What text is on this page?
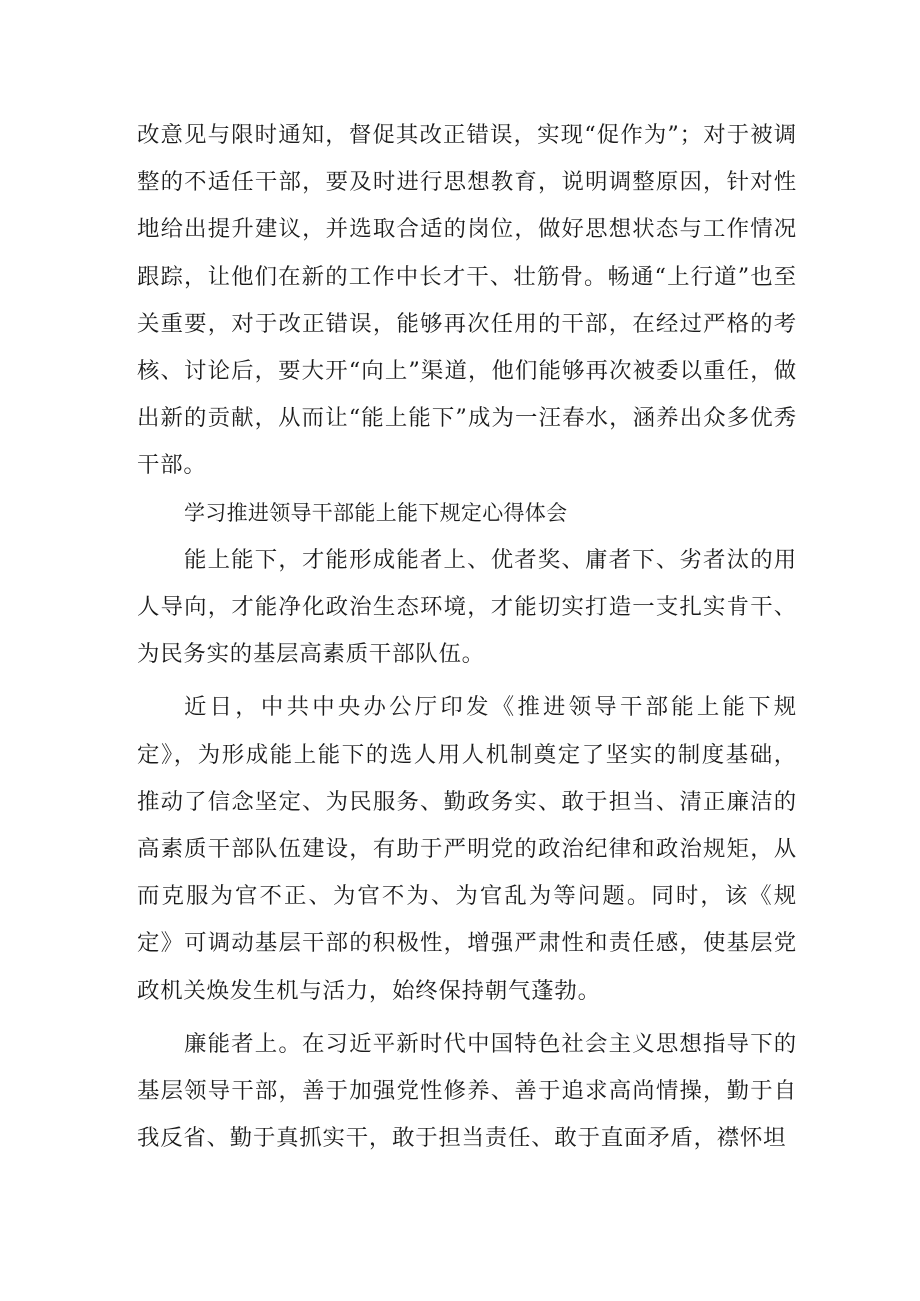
改意见与限时通知，督促其改正错误，实现“促作为”；对于被调整的不适任干部，要及时进行思想教育，说明调整原因，针对性地给出提升建议，并选取合适的岗位，做好思想状态与工作情况跟踪，让他们在新的工作中长才干、壮筋骨。畅通“上行道”也至关重要，对于改正错误，能够再次任用的干部，在经过严格的考核、讨论后，要大开“向上”渠道，他们能够再次被委以重任，做出新的贡献，从而让“能上能下”成为一汪春水，涵养出众多优秀干部。

学习推进领导干部能上能下规定心得体会

能上能下，才能形成能者上、优者奖、庸者下、劣者汰的用人导向，才能净化政治生态环境，才能切实打造一支扎实肯干、为民务实的基层高素质干部队伍。

近日，中共中央办公厅印发《推进领导干部能上能下规定》，为形成能上能下的选人用人机制奠定了坚实的制度基础，推动了信念坚定、为民服务、勤政务实、敢于担当、清正廉洁的高素质干部队伍建设，有助于严明党的政治纪律和政治规矩，从而克服为官不正、为官不为、为官乱为等问题。同时，该《规定》可调动基层干部的积极性，增强严肃性和责任感，使基层党政机关焕发生机与活力，始终保持朝气蓬勃。

廉能者上。在习近平新时代中国特色社会主义思想指导下的基层领导干部，善于加强党性修养、善于追求高尚情操，勤于自我反省、勤于真抓实干，敢于担当责任、敢于直面矛盾，襟怀坦
